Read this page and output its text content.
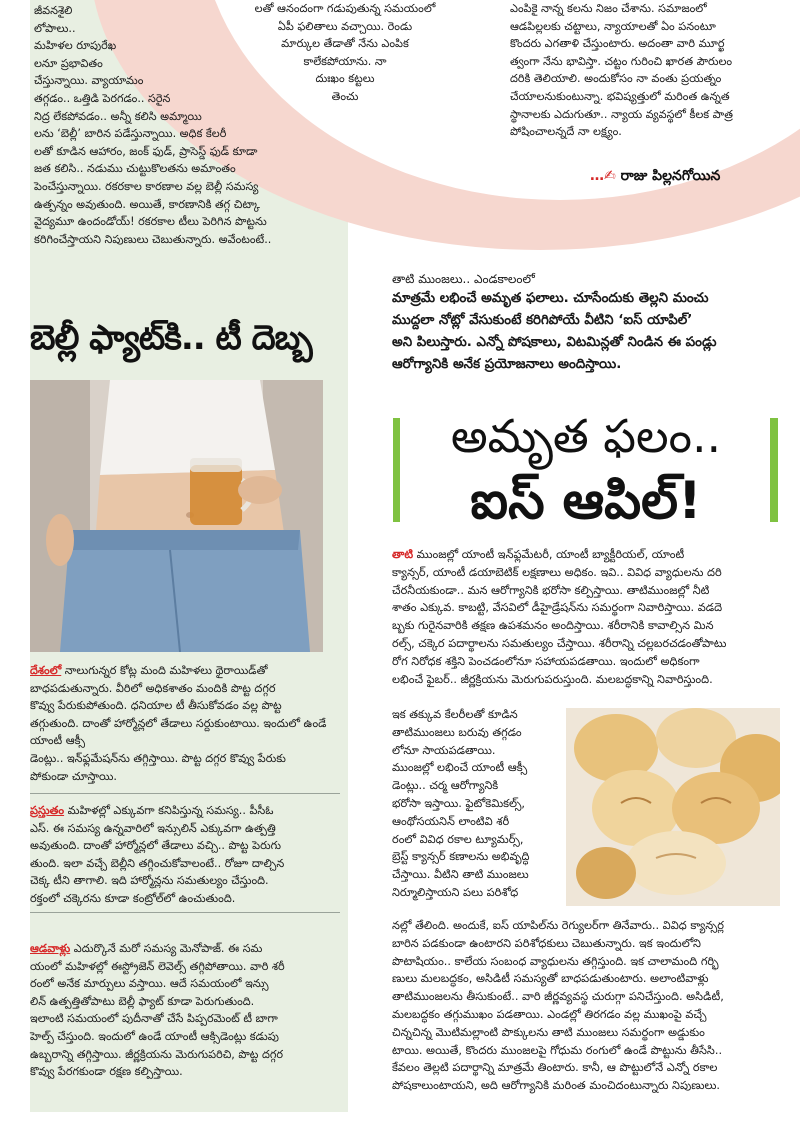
జీవనశైలి
లోపాలు..
మహిళల రూపురేఖ
లనూ ప్రభావితం
చేస్తున్నాయి. వ్యాయామం
తగ్గడం.. ఒత్తిడి పెరగడం.. సరైన
నిద్ర లేకపోవడం.. అన్నీ కలిసి అమ్మాయి
లను ‘బెల్లీ’ బారిన పడేస్తున్నాయి. అధిక కేలరీ
లతో కూడిన ఆహారం, జంక్ ఫుడ్, ప్రాసెస్డ్ ఫుడ్ కూడా
జత కలిసి.. నడుము చుట్టుకొలతను అమాంతం
పెంచేస్తున్నాయి. రకరకాల కారణాల వల్ల బెల్లీ సమస్య
ఉత్పన్నం అవుతుంది. అయితే, కారణానికి తగ్గ చిట్కా
వైద్యమూ ఉందండోయ్! రకరకాల టీలు పెరిగిన పొట్టను
కరిగించేస్తాయని నిపుణులు చెబుతున్నారు. అవేంటంటే..

బెల్లీ ఫ్యాట్‌కి.. టీ దెబ్బ

దేశంలో నాలుగున్నర కోట్ల మంది మహిళలు థైరాయిడ్‌తో
బాధపడుతున్నారు. వీరిలో అధికశాతం మందికి పొట్ట దగ్గర
కొవ్వు పేరుకుపోతుంది. ధనియాల టీ తీసుకోవడం వల్ల పొట్ట
తగ్గుతుంది. దాంతో హార్మోన్లలో తేడాలు సర్దుకుంటాయి. ఇందులో ఉండే యాంటీ ఆక్సీ
డెంట్లు.. ఇన్‌ఫ్లమేషన్‌ను తగ్గిస్తాయి. పొట్ట దగ్గర కొవ్వు పేరుకు
పోకుండా చూస్తాయి.

ప్రస్తుతం మహిళల్లో ఎక్కువగా కనిపిస్తున్న సమస్య.. పీసీఓ
ఎస్. ఈ సమస్య ఉన్నవారిలో ఇన్సులిన్ ఎక్కువగా ఉత్పత్తి
అవుతుంది. దాంతో హార్మోన్లలో తేడాలు వచ్చి.. పొట్ట పెరుగు
తుంది. ఇలా వచ్చే బెల్లీని తగ్గించుకోవాలంటే.. రోజూ దాల్చిన
చెక్క టీని తాగాలి. ఇది హార్మోన్లను సమతుల్యం చేస్తుంది.
రక్తంలో చక్కెరను కూడా కంట్రోల్‌లో ఉంచుతుంది.

ఆడవాళ్లు ఎదుర్కొనే మరో సమస్య మెనోపాజ్. ఈ సమ
యంలో మహిళల్లో ఈస్ట్రోజెన్ లెవెల్స్ తగ్గిపోతాయి. వారి శరీ
రంలో అనేక మార్పులు వస్తాయి. ఆదే సమయంలో ఇన్సు
లిన్ ఉత్పత్తితోపాటు బెల్లీ ఫ్యాట్ కూడా పెరుగుతుంది.
ఇలాంటి సమయంలో పుదీనాతో చేసే పిప్పరమెంట్ టీ బాగా
హెల్ప్ చేస్తుంది. ఇందులో ఉండే యాంటీ ఆక్సిడెంట్లు కడుపు
ఉబ్బరాన్ని తగ్గిస్తాయి. జీర్ణక్రియను మెరుగుపరిచి, పొట్ట దగ్గర
కొవ్వు పేరగకుండా రక్షణ కల్పిస్తాయి.

లతో ఆనందంగా గడుపుతున్న సమయంలో
ఏపీ ఫలితాలు వచ్చాయి. రెండు
మార్కుల తేడాతో నేను ఎంపిక
కాలేకపోయాను. నా
దుఃఖం కట్టలు
తెంచు

ఎంపికై నాన్న కలను నిజం చేశాను. సమాజంలో
ఆడపిల్లలకు చట్టాలు, న్యాయాలతో ఏం పనంటూ
కొందరు ఎగతాళి చేస్తుంటారు. అదంతా వారి మూర్ఖ
త్వంగా నేను భావిస్తా. చట్టం గురించి ఖారత పౌరులం
దరికి తెలియాలి. అందుకోసం నా వంతు ప్రయత్నం
చేయాలనుకుంటున్నా. భవిష్యత్తులో మరింత ఉన్నత
స్థానాలకు ఎదుగుతూ.. న్యాయ వ్యవస్థలో కీలక పాత్ర
పోషించాలన్నదే నా లక్ష్యం.

…✍ రాజు పిల్లనగోయిన
తాటి ముంజలు.. ఎండకాలంలో
మాత్రమే లభించే అమృత ఫలాలు. చూసేందుకు తెల్లని మంచు
ముద్దలా నోట్లో వేసుకుంటే కరిగిపోయే వీటిని ‘ఐస్ యాపిల్’
అని పిలుస్తారు. ఎన్నో పోషకాలు, విటమిన్లతో నిండిన ఈ పండ్లు
ఆరోగ్యానికి అనేక ప్రయోజనాలు అందిస్తాయి.
అమృత ఫలం..
ఐస్ ఆపిల్!

తాటి ముంజల్లో యాంటీ ఇన్‌ఫ్లమేటరీ, యాంటీ బ్యాక్టీరియల్, యాంటీ
క్యాన్సర్, యాంటీ డయాబెటిక్ లక్షణాలు అధికం. ఇవి.. వివిధ వ్యాధులను దరి
చేరనీయకుండా.. మన ఆరోగ్యానికి భరోసా కల్పిస్తాయి. తాటిముంజల్లో నీటి
శాతం ఎక్కువ. కాబట్టి, వేసవిలో డీహైడ్రేషన్‌ను సమర్థంగా నివారిస్తాయి. వడదె
బ్బకు గురైనవారికి తక్షణ ఉపశమనం అందిస్తాయి. శరీరానికి కావాల్సిన మిన
రల్స్, చక్కెర పదార్థాలను సమతుల్యం చేస్తాయి. శరీరాన్ని చల్లబరచడంతోపాటు
రోగ నిరోధక శక్తిని పెంచడంలోనూ సహాయపడతాయి. ఇందులో అధికంగా
లభించే ఫైబర్.. జీర్ణక్రియను మెరుగుపరుస్తుంది. మలబద్ధకాన్ని నివారిస్తుంది.

ఇక తక్కువ కేలరీలతో కూడిన
తాటిముంజలు బరువు తగ్గడం
లోనూ సాయపడతాయి.
ముంజల్లో లభించే యాంటీ ఆక్సీ
డెంట్లు.. చర్మ ఆరోగ్యానికి
భరోసా ఇస్తాయి. ఫైటోకెమికల్స్,
ఆంథోసయనిన్ లాంటివి శరీ
రంలో వివిధ రకాల ట్యూమర్స్,
బ్రెస్ట్ క్యాన్సర్ కణాలను అభివృద్ధి
చేస్తాయి. వీటిని తాటి ముంజలు
నిర్మూలిస్తాయని పలు పరిశోధ

నల్లో తేలింది. అందుకే, ఐస్ యాపిల్‌ను రెగ్యులర్‌గా తినేవారు.. వివిధ క్యాన్సర్ల
బారిన పడకుండా ఉంటారని పరిశోధకులు చెబుతున్నారు. ఇక ఇందులోని
పొటాషియం.. కాలేయ సంబంధ వ్యాధులను తగ్గిస్తుంది. ఇక చాలామంది గర్భి
ణులు మలబద్ధకం, అసిడిటీ సమస్యతో బాధపడుతుంటారు. అలాంటివాళ్లు
తాటిముంజలను తీసుకుంటే.. వారి జీర్ణవ్యవస్థ చురుగ్గా పనిచేస్తుంది. అసిడిటీ,
మలబద్ధకం తగ్గుముఖం పడతాయి. ఎండల్లో తిరగడం వల్ల ముఖంపై వచ్చే
చిన్నచిన్న మొటిమల్లాంటి పొక్కులను తాటి ముంజలు సమర్థంగా అడ్డుకుం
టాయి. అయితే, కొందరు ముంజలపై గోధుమ రంగులో ఉండే పొట్టును తీసేసి..
కేవలం తెల్లటి పదార్థాన్ని మాత్రమే తింటారు. కానీ, ఆ పొట్టులోనే ఎన్నో రకాల
పోషకాలుంటాయని, అది ఆరోగ్యానికి మరింత మంచిదంటున్నారు నిపుణులు.
